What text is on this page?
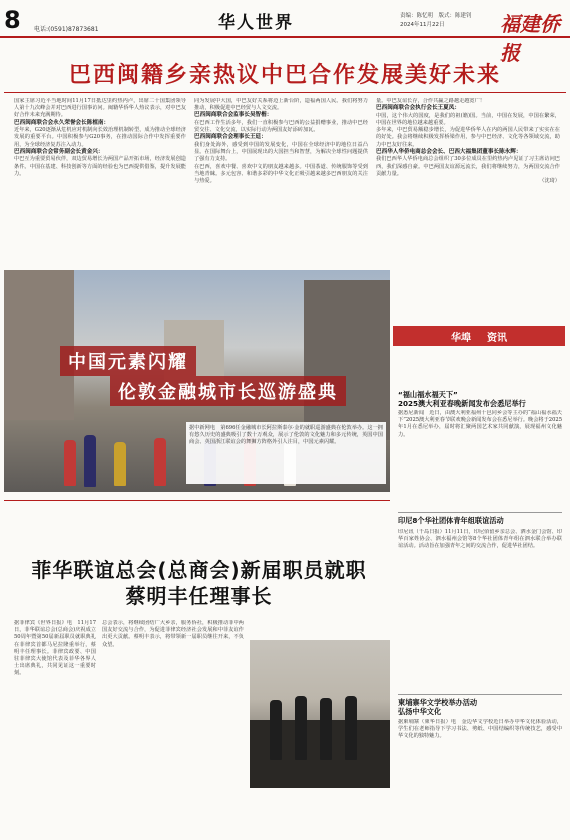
8 电话:(0591)87873681	华人世界	责编：陈忆明　版式：陈建钊
2024年11月22日	福建侨报
巴西闽籍乡亲热议中巴合作发展美好未来

国家主席习近平当地时间11月17日抵达里约热内卢，出席二十国集团领导人第十九次峰会并对巴西进行国事访问。闽籍华侨华人热议表示，对中巴友好合作未来充满期待。

巴西闽商联合会永久荣誉会长陈植南：

近年来，G20逐渐从危机应对机制向长效治理机制转型，成为推动全球经济发展的重要平台。中国积极参与G20事务，在推动国际合作中发挥重要作用，为全球经济复苏注入动力。

巴西闽商联合会常务副会长黄金兴：

中巴互为重要贸易伙伴，双边贸易增长为两国产品开拓市场，经济发展创造条件。中国在基建、科技创新等方面的经验也为巴西提供借鉴，提升发展能力。

同为发展中大国，中巴友好关系将迈上新台阶，造福两国人民。我们将努力推动，积极促进中巴经贸与人文交流。

巴西闽商联合会监事长吴智楷：

在巴西工作生活多年，我们一直积极参与巴西的公益捐赠事业，推动中巴经贸交往、文化交流，以实际行动为两国友好添砖加瓦。

巴西闽商联合会理事长王廷：

我们身处海外，感受到中国的发展变化，中国在全球经济中的地位日益凸显。在国际舞台上，中国展现出的大国担当和智慧，为解决全球性问题提供了强有力支持。

在巴西，喜欢中餐、喜欢中文的朋友越来越多。中国茶道、传统服饰等受到当地青睐。多元包容、和谐多彩的中华文化正吸引越来越多巴西朋友的关注与热爱。

量。中巴友谊长存，合作共赢之路越走越宽广！

巴西闽商联合会执行会长王夏凤：

中国，这个伟大的国度，是我们的祖(籍)国。当前，中国在发展，中国在繁荣，中国在世界的地位越来越重要。

多年来，中巴贸易额稳步增长，为促进华侨华人在内的两国人民带来了实实在在的好处。我会将继续积极发挥桥梁作用，参与中巴经济、文化等各领域交流，助力中巴友好往来。

巴西华人华侨电商总会会长、巴西大福集团董事长陈永辉：

我们巴西华人华侨电商总会组织了30多位成员在里约热内卢见证了习主席访问巴西，我们深感自豪。中巴两国友谊源远流长，我们将继续努力，为两国交流合作贡献力量。

（沈琦）

中国元素闪耀
伦敦金融城市长巡游盛典
据中新网电　第696任金融城市长阿拉斯泰尔·金的就职巡游盛典在伦敦举办。这一拥有悠久历史的盛典吸引了数十万观众，展示了伦敦的文化魅力和多元传统，英国中国商会、英国浙江联谊会的舞狮方阵格外引人注目，中国元素闪耀。
华埠 资讯
“福山福水福天下”
2025澳大利亚春晚新闻发布会悉尼举行
据悉尼新闻　近日，由澳大利亚福州十邑同乡会等主办的“福山福水福天下”2025澳大利亚春节联欢晚会新闻发布会在悉尼举行。晚会将于2025年1月在悉尼举办，届时将汇聚两国艺术家共同献演，展现福州文化魅力。
印尼8个华社团体青年组联谊活动
印尼讯（千岛日报）11月11日，印尼佰留乡亲总会、泗水金门会馆、印华百家姓协会、泗水福州会馆等8个华社团体青年组在泗水联合举办联谊活动。活动旨在加强青年之间的交流合作，促进华社团结。
柬埔寨华文学校举办活动
弘扬中华文化
据柬埔寨（柬华日报）电　金边华文学校近日举办中华文化体验活动，学生们在老师指导下学习书法、剪纸、中国结编织等传统技艺，感受中华文化的独特魅力。
菲华联谊总会(总商会)新届职员就职
蔡明丰任理事长
据菲律宾《世界日报》电　11月17日，菲华联谊总会(总商会)庆祝成立50周年暨第50届新届职员就职典礼在菲律宾首都马尼拉隆重举行，蔡明丰任理事长。菲律宾政要、中国驻菲律宾大使馆代表及菲华各界人士出席典礼，共同见证这一重要时刻。
总会表示，将继续团结广大乡亲，服务侨社，积极推动菲中两国友好交流与合作，为促进菲律宾经济社会发展和中菲友谊作出更大贡献。蔡明丰表示，将带领新一届职员继往开来，不负众望。
